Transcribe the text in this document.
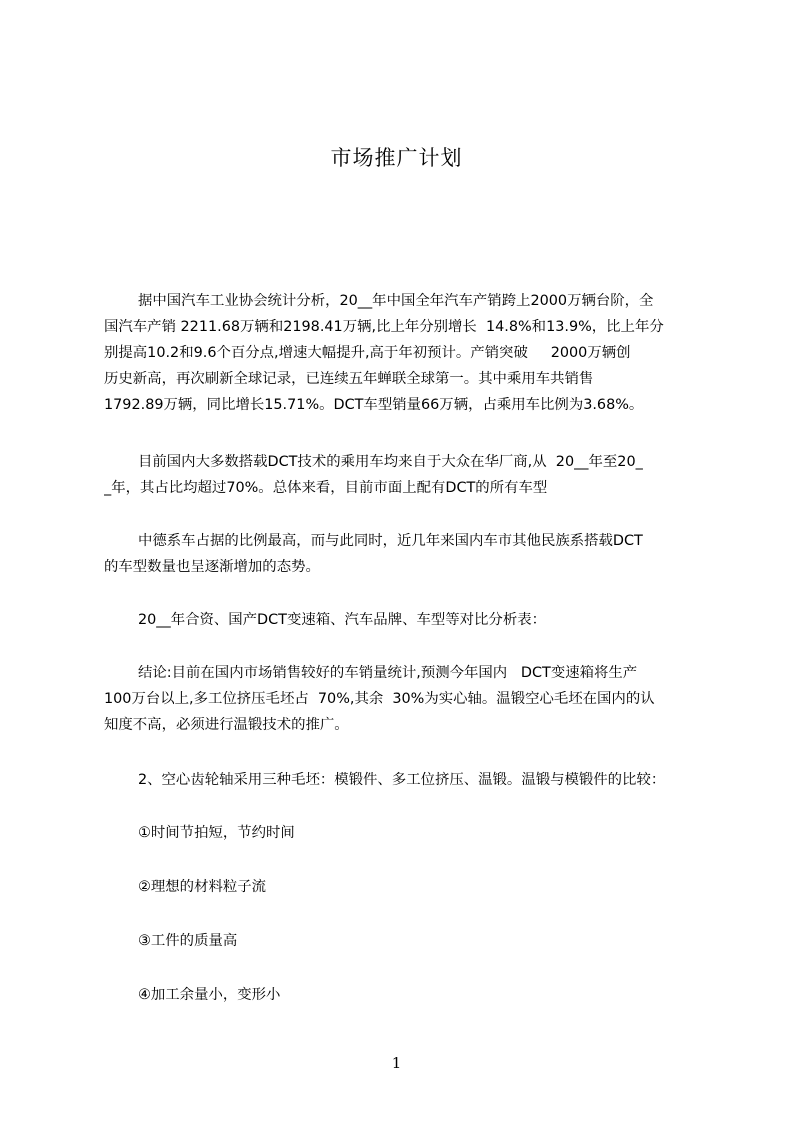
市场推广计划
据中国汽车工业协会统计分析，20__年中国全年汽车产销跨上2000万辆台阶，全
国汽车产销 2211.68万辆和2198.41万辆,比上年分别增长  14.8%和13.9%，比上年分
别提高10.2和9.6个百分点,增速大幅提升,高于年初预计。产销突破     2000万辆创
历史新高，再次刷新全球记录，已连续五年蝉联全球第一。其中乘用车共销售
1792.89万辆，同比增长15.71%。DCT车型销量66万辆，占乘用车比例为3.68%。
目前国内大多数搭载DCT技术的乘用车均来自于大众在华厂商,从  20__年至20_
_年，其占比均超过70%。总体来看，目前市面上配有DCT的所有车型
中德系车占据的比例最高，而与此同时，近几年来国内车市其他民族系搭载DCT
的车型数量也呈逐渐增加的态势。
20__年合资、国产DCT变速箱、汽车品牌、车型等对比分析表：
结论:目前在国内市场销售较好的车销量统计,预测今年国内   DCT变速箱将生产
100万台以上,多工位挤压毛坯占  70%,其余  30%为实心轴。温锻空心毛坯在国内的认
知度不高，必须进行温锻技术的推广。
2、空心齿轮轴采用三种毛坯：模锻件、多工位挤压、温锻。温锻与模锻件的比较：
①时间节拍短，节约时间
②理想的材料粒子流
③工件的质量高
④加工余量小，变形小
1
